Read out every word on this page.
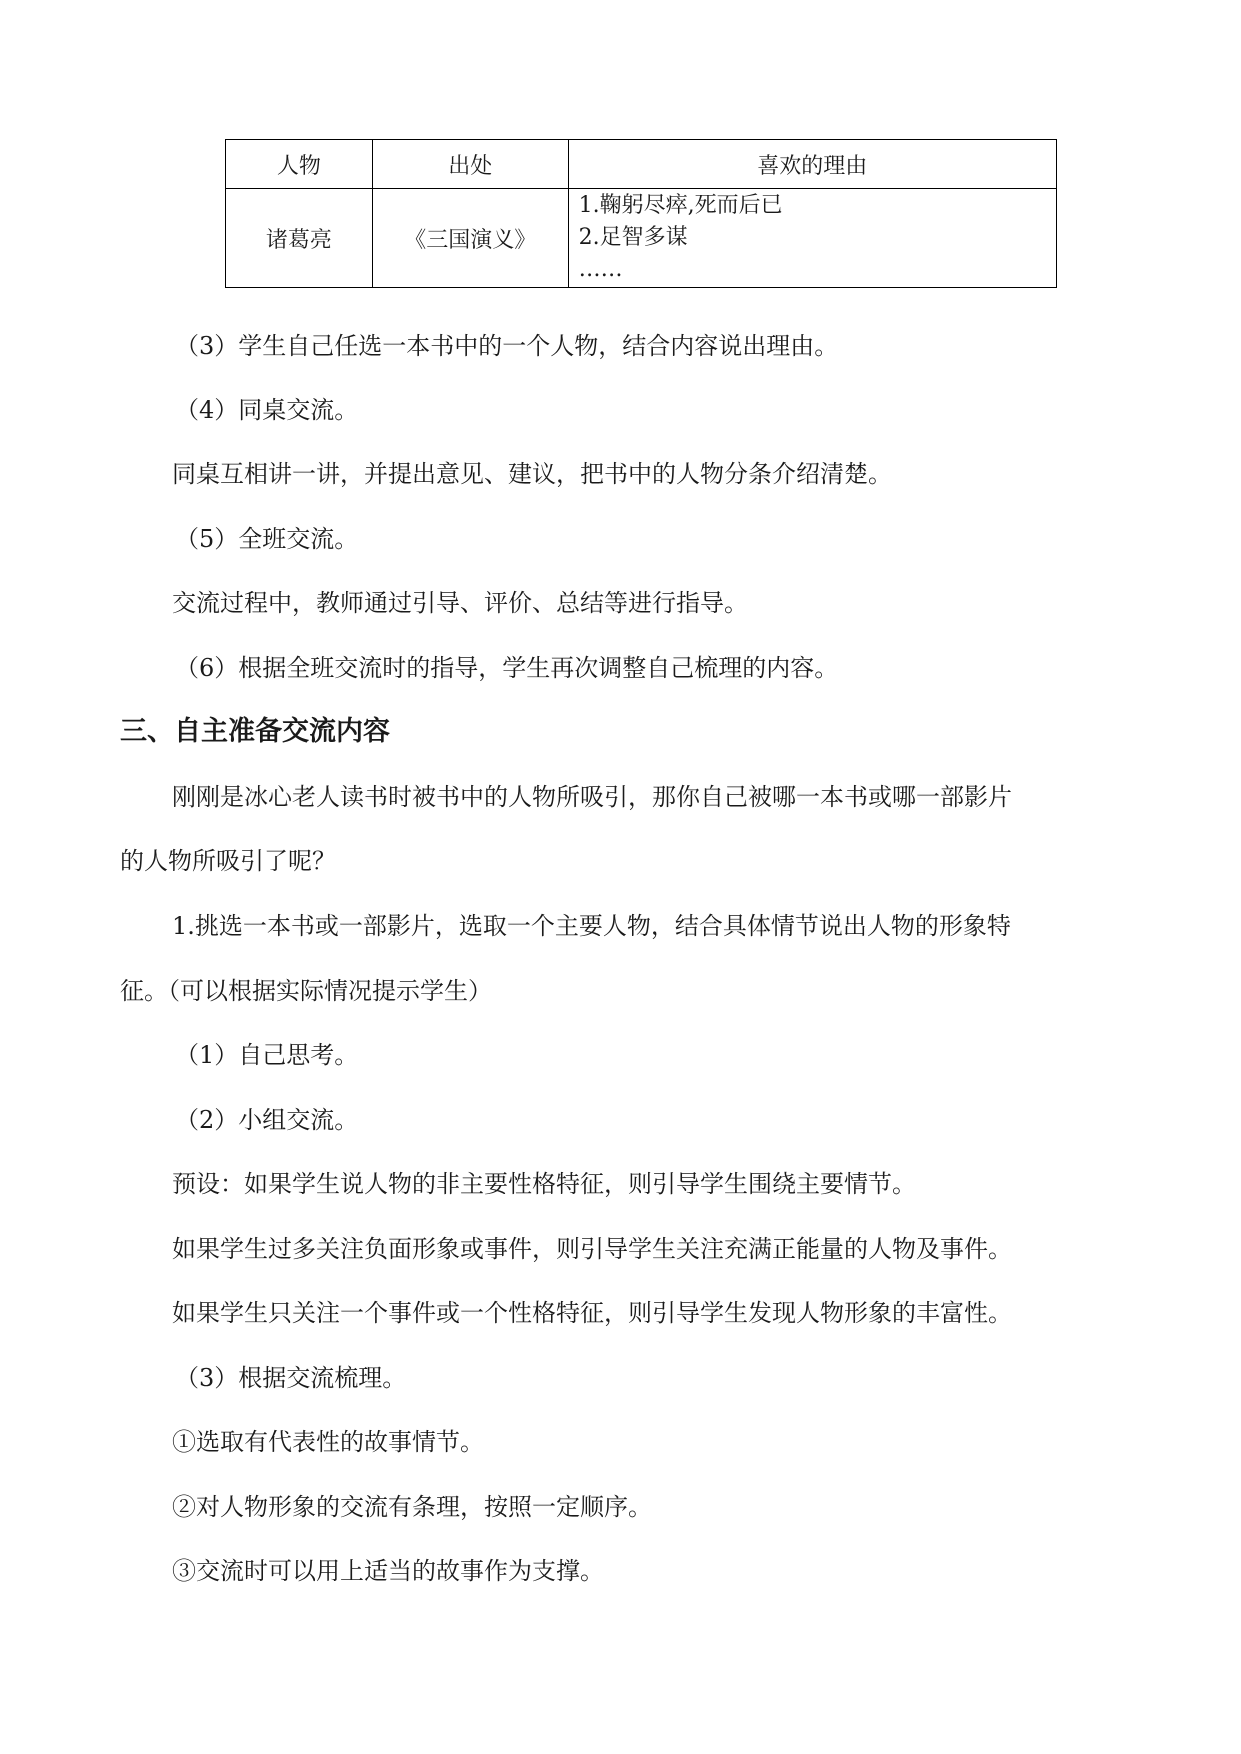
人物	出处	喜欢的理由
诸葛亮	《三国演义》	1.鞠躬尽瘁,死而后已
2.足智多谋
……
（3）学生自己任选一本书中的一个人物，结合内容说出理由。
（4）同桌交流。
同桌互相讲一讲，并提出意见、建议，把书中的人物分条介绍清楚。
（5）全班交流。
交流过程中，教师通过引导、评价、总结等进行指导。
（6）根据全班交流时的指导，学生再次调整自己梳理的内容。
三、自主准备交流内容
刚刚是冰心老人读书时被书中的人物所吸引，那你自己被哪一本书或哪一部影片
的人物所吸引了呢？
1.挑选一本书或一部影片，选取一个主要人物，结合具体情节说出人物的形象特
征。（可以根据实际情况提示学生）
（1）自己思考。
（2）小组交流。
预设：如果学生说人物的非主要性格特征，则引导学生围绕主要情节。
如果学生过多关注负面形象或事件，则引导学生关注充满正能量的人物及事件。
如果学生只关注一个事件或一个性格特征，则引导学生发现人物形象的丰富性。
（3）根据交流梳理。
①选取有代表性的故事情节。
②对人物形象的交流有条理，按照一定顺序。
③交流时可以用上适当的故事作为支撑。
